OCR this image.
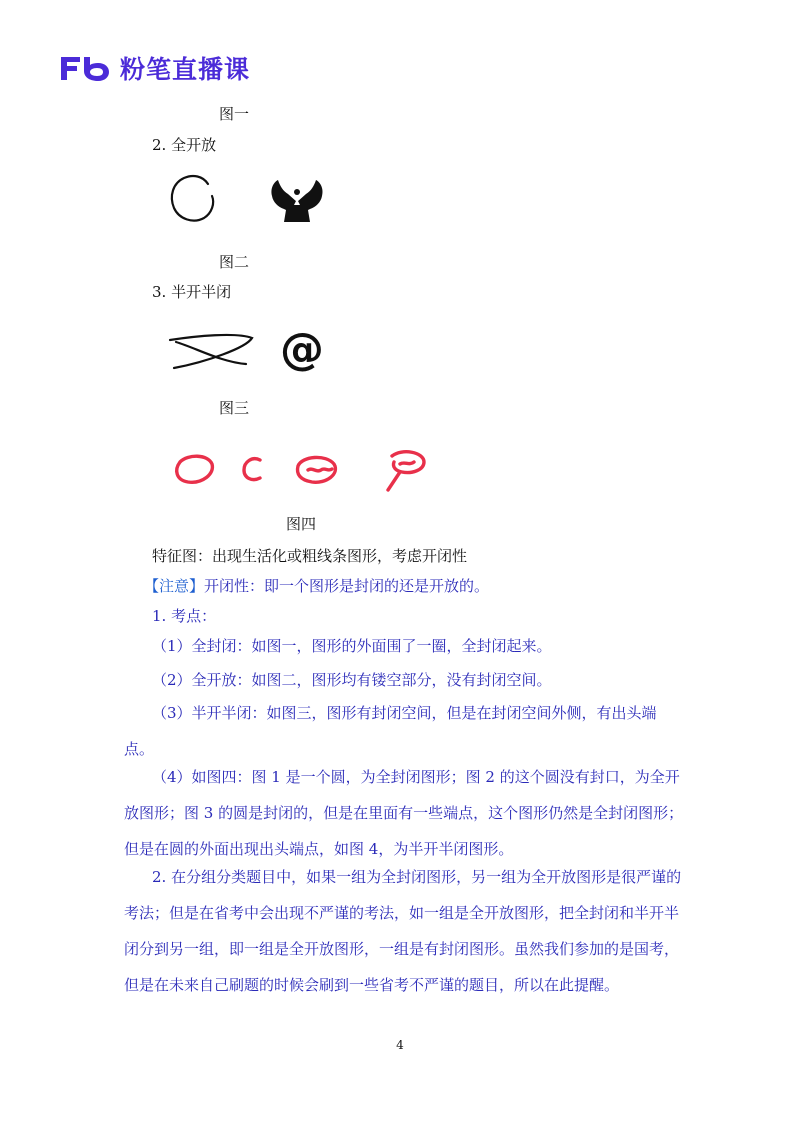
粉笔直播课
图一
2. 全开放
图二
3. 半开半闭
@
图三
图四
特征图：出现生活化或粗线条图形，考虑开闭性
【注意】开闭性：即一个图形是封闭的还是开放的。
1. 考点：
（1）全封闭：如图一，图形的外面围了一圈，全封闭起来。
（2）全开放：如图二，图形均有镂空部分，没有封闭空间。
（3）半开半闭：如图三，图形有封闭空间，但是在封闭空间外侧，有出头端点。
（4）如图四：图 1 是一个圆，为全封闭图形；图 2 的这个圆没有封口，为全开放图形；图 3 的圆是封闭的，但是在里面有一些端点，这个图形仍然是全封闭图形；但是在圆的外面出现出头端点，如图 4，为半开半闭图形。
2. 在分组分类题目中，如果一组为全封闭图形，另一组为全开放图形是很严谨的考法；但是在省考中会出现不严谨的考法，如一组是全开放图形，把全封闭和半开半闭分到另一组，即一组是全开放图形，一组是有封闭图形。虽然我们参加的是国考，但是在未来自己刷题的时候会刷到一些省考不严谨的题目，所以在此提醒。
4
